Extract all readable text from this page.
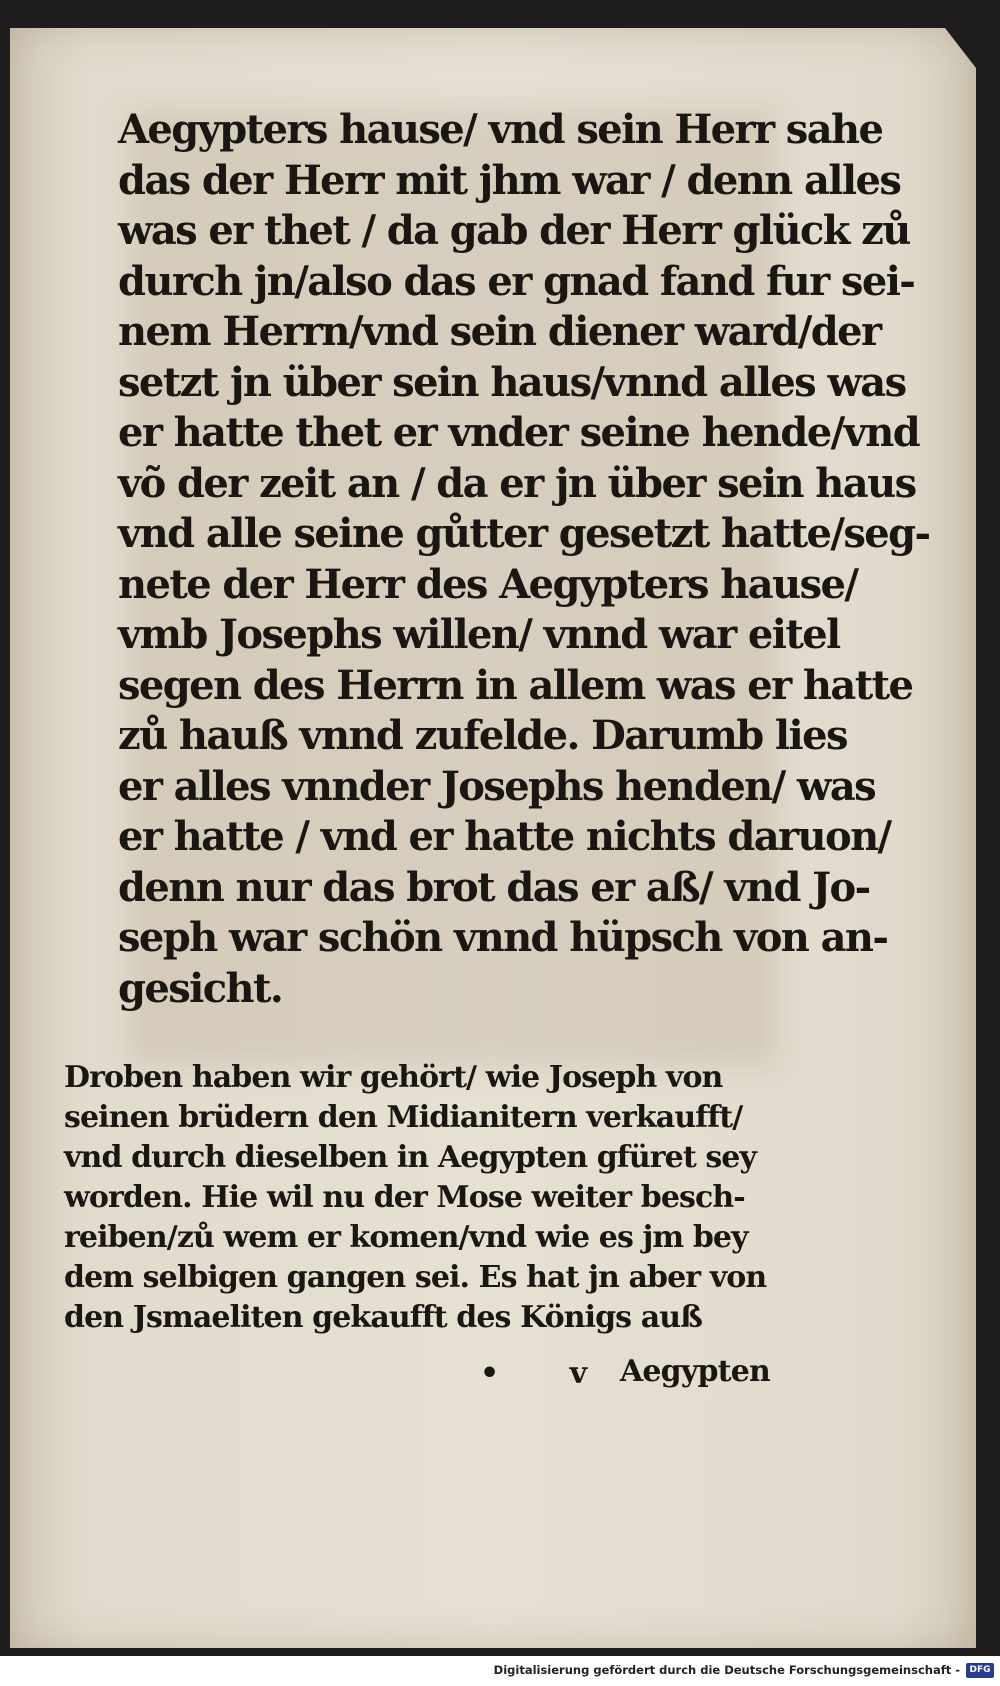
Aegypters hause/ vnd sein Herr sahe
das der Herr mit jhm war / denn alles
was er thet / da gab der Herr glück zů
durch jn/also das er gnad fand fur sei-
nem Herrn/vnd sein diener ward/der
setzt jn über sein haus/vnnd alles was
er hatte thet er vnder seine hende/vnd
võ der zeit an / da er jn über sein haus
vnd alle seine gůtter gesetzt hatte/seg-
nete der Herr des Aegypters hause/
vmb Josephs willen/ vnnd war eitel
segen des Herrn in allem was er hatte
zů hauß vnnd zufelde. Darumb lies
er alles vnnder Josephs henden/ was
er hatte / vnd er hatte nichts daruon/
denn nur das brot das er aß/ vnd Jo-
seph war schön vnnd hüpsch von an-
gesicht.
Droben haben wir gehört/ wie Joseph von
seinen brüdern den Midianitern verkaufft/
vnd durch dieselben in Aegypten gfüret sey
worden. Hie wil nu der Mose weiter besch-
reiben/zů wem er komen/vnd wie es jm bey
dem selbigen gangen sei. Es hat jn aber von
den Jsmaeliten gekaufft des Königs auß
• v Aegypten
Digitalisierung gefördert durch die Deutsche Forschungsgemeinschaft -	DFG
